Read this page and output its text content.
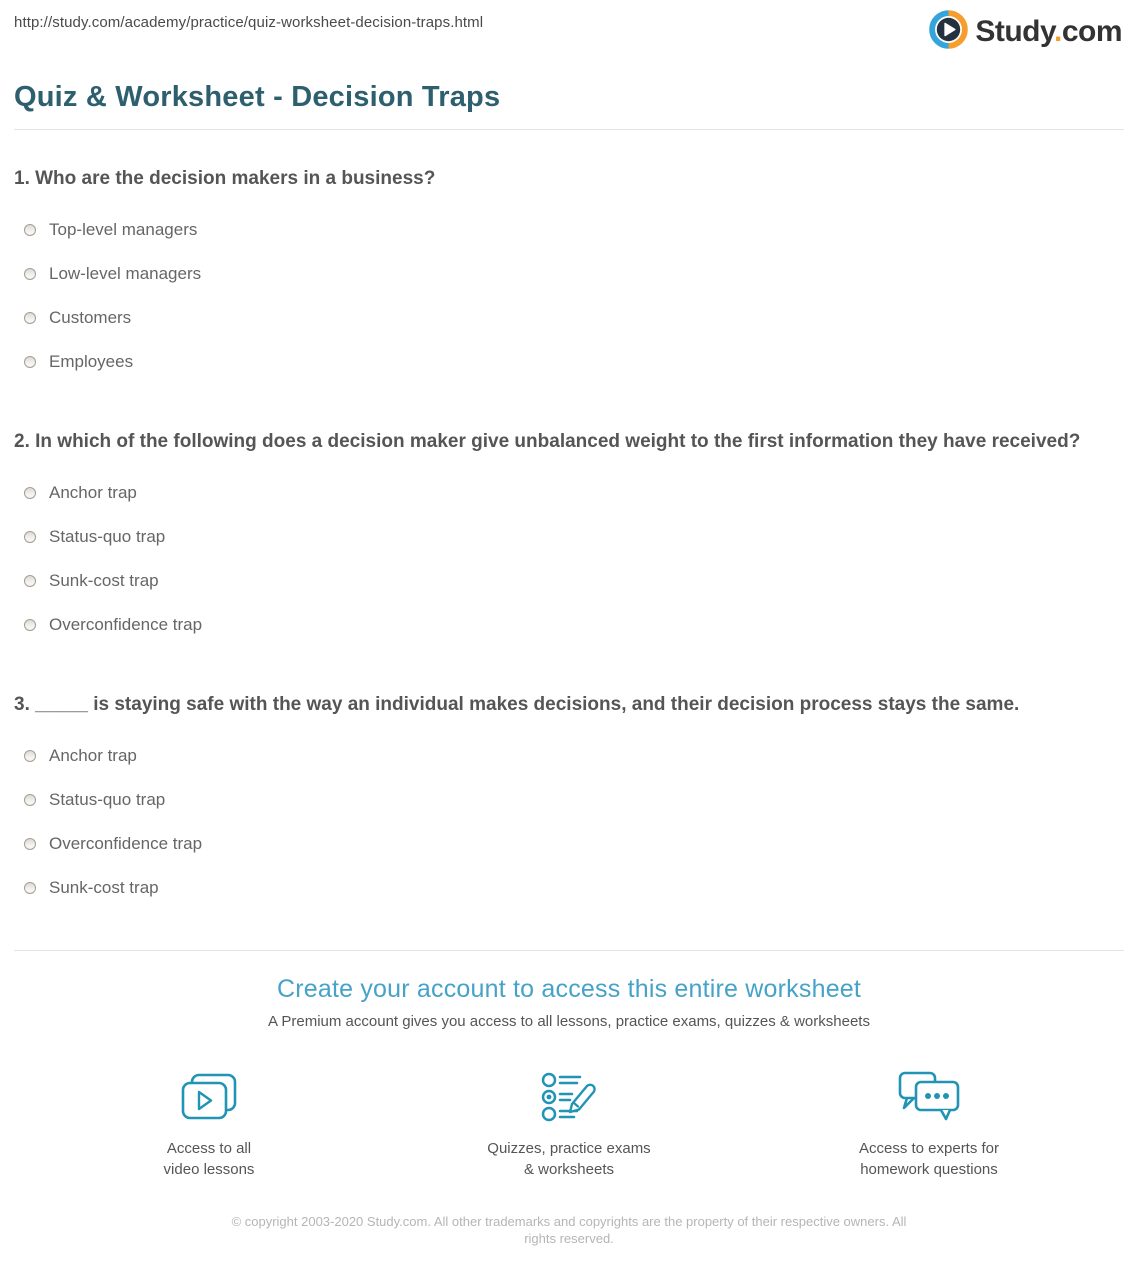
http://study.com/academy/practice/quiz-worksheet-decision-traps.html	Study.com
Quiz & Worksheet - Decision Traps
1. Who are the decision makers in a business?
Top-level managers
Low-level managers
Customers
Employees
2. In which of the following does a decision maker give unbalanced weight to the first information they have received?
Anchor trap
Status-quo trap
Sunk-cost trap
Overconfidence trap
3. _____ is staying safe with the way an individual makes decisions, and their decision process stays the same.
Anchor trap
Status-quo trap
Overconfidence trap
Sunk-cost trap
Create your account to access this entire worksheet
A Premium account gives you access to all lessons, practice exams, quizzes & worksheets
Access to all
video lessons
Quizzes, practice exams
& worksheets
Access to experts for
homework questions

© copyright 2003-2020 Study.com. All other trademarks and copyrights are the property of their respective owners. All rights reserved.
